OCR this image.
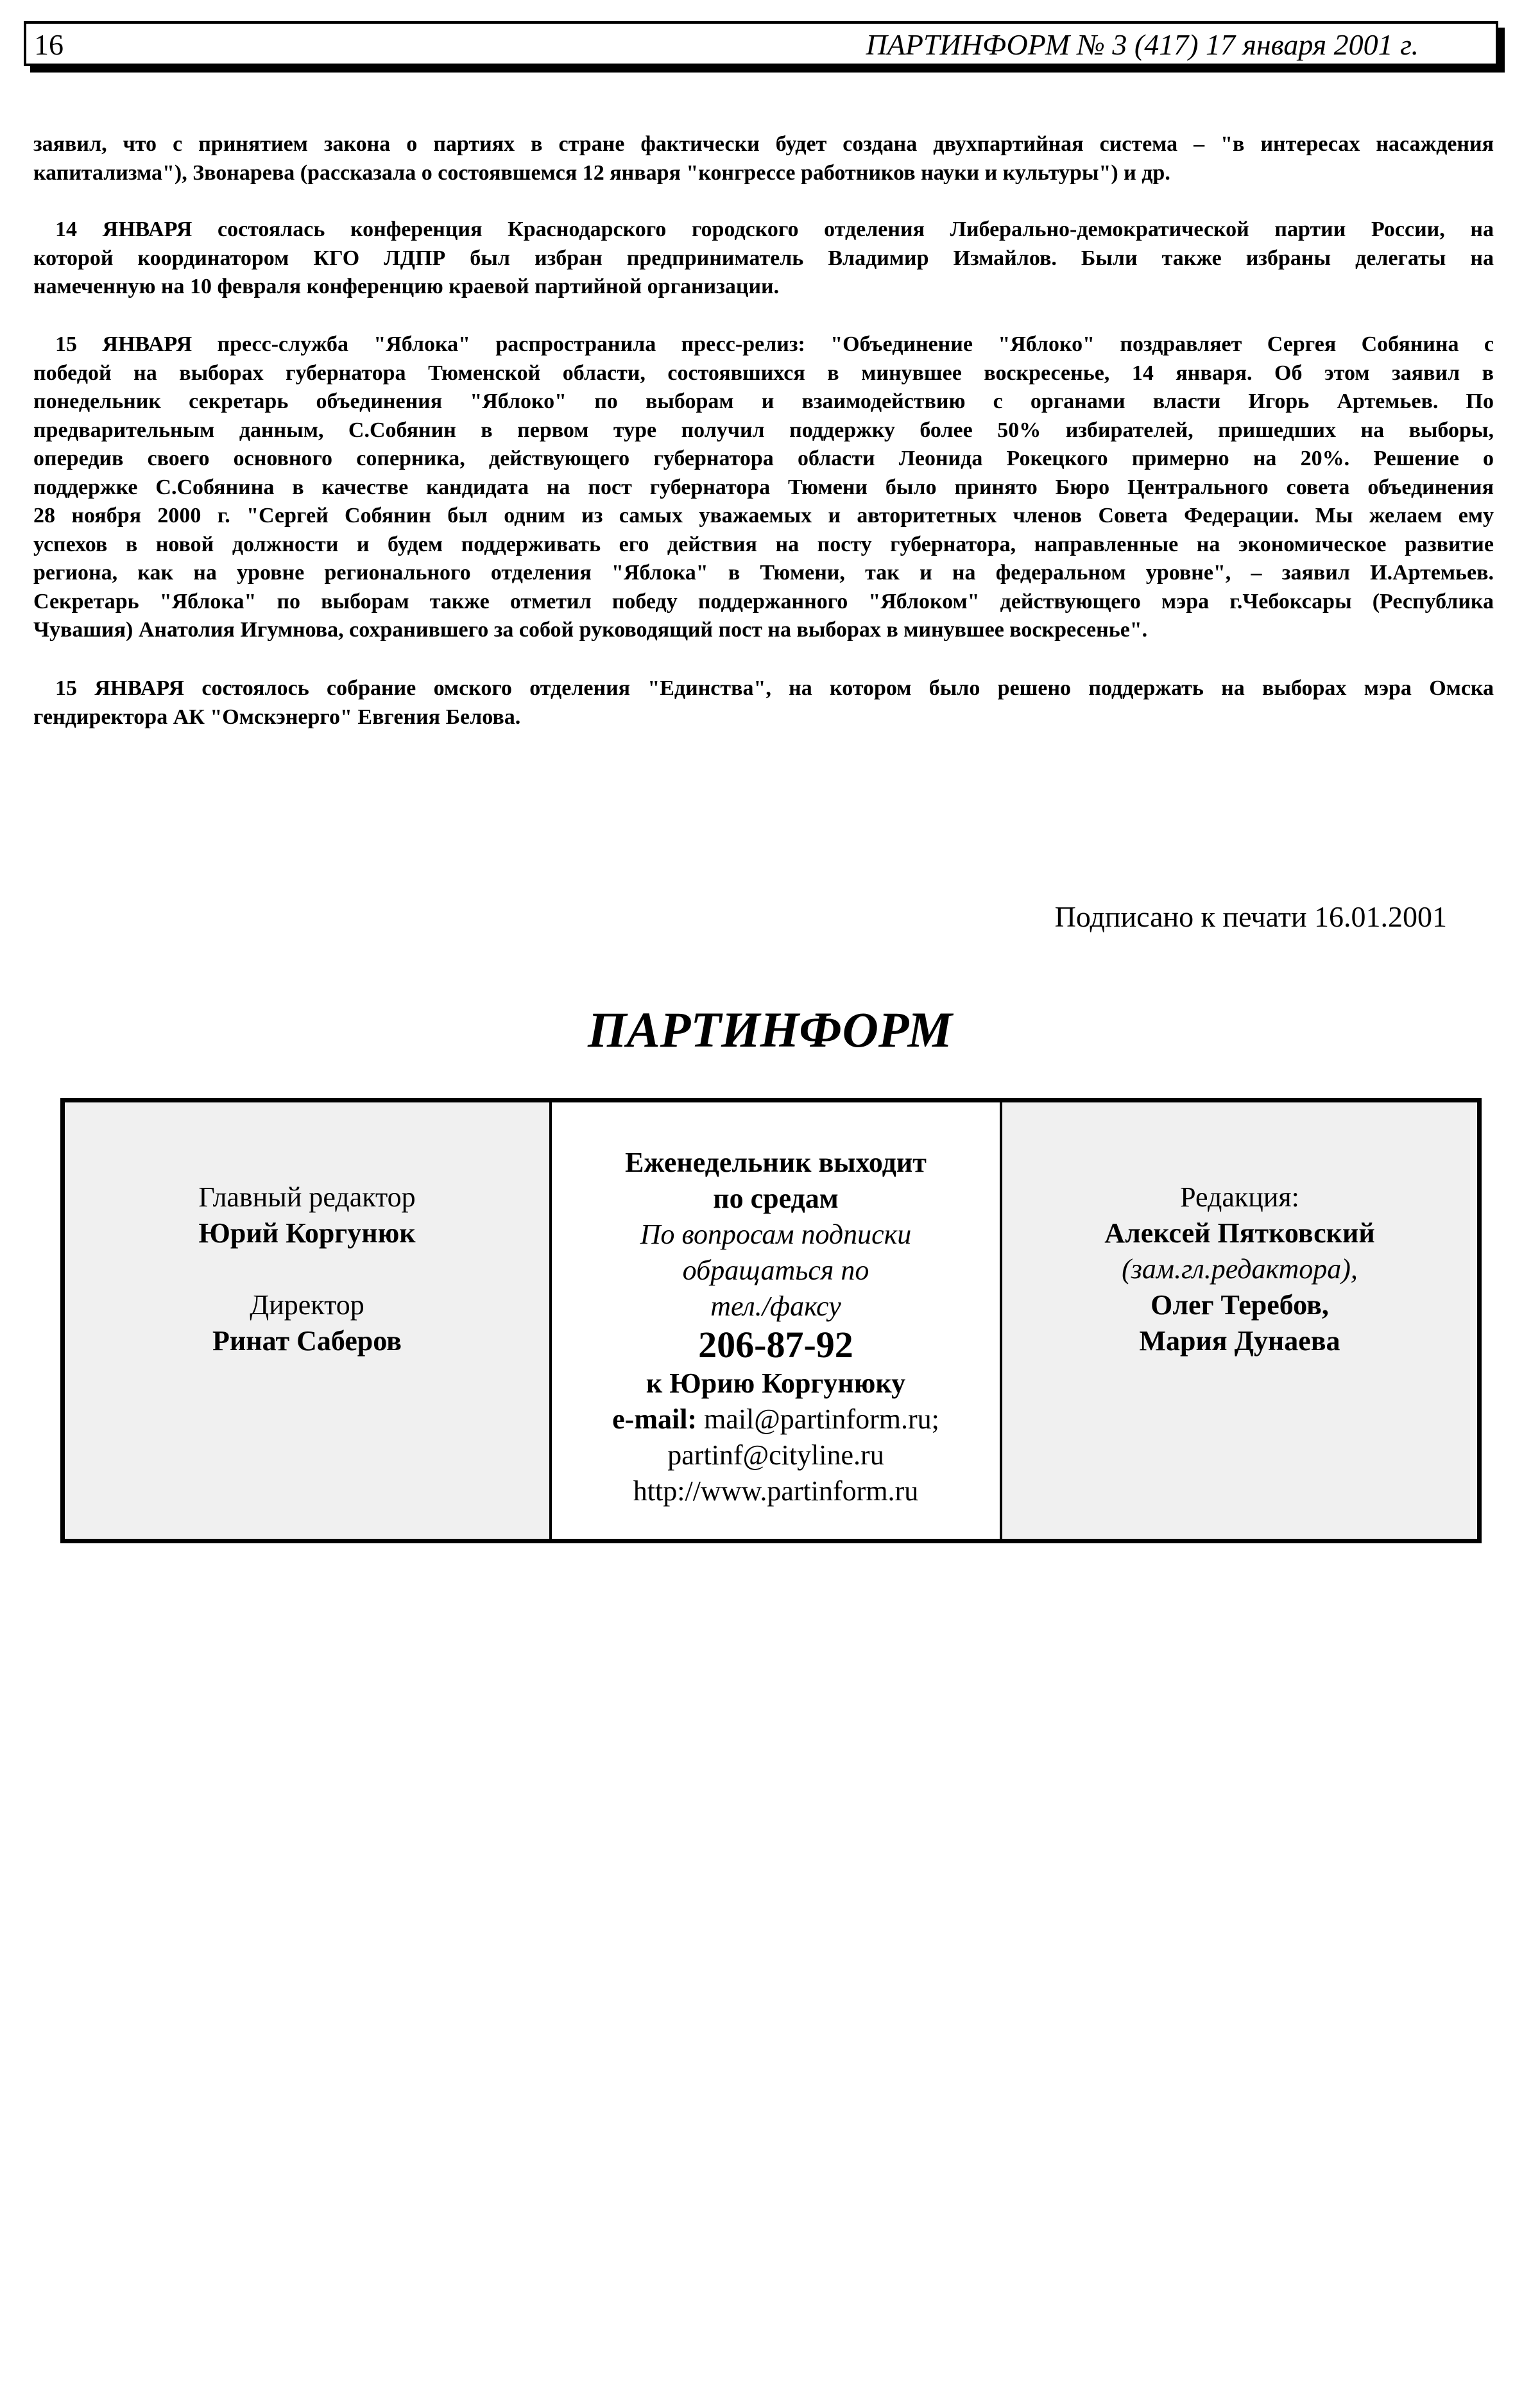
16	ПАРТИНФОРМ № 3 (417) 17 января 2001 г.
заявил, что с принятием закона о партиях в стране фактически будет создана двухпартийная система – "в интересах насаждения
капитализма"), Звонарева (рассказала о состоявшемся 12 января "конгрессе работников науки и культуры") и др.
14 ЯНВАРЯ состоялась конференция Краснодарского городского отделения Либерально-демократической партии России, на
которой координатором КГО ЛДПР был избран предприниматель Владимир Измайлов. Были также избраны делегаты на
намеченную на 10 февраля конференцию краевой партийной организации.
15 ЯНВАРЯ пресс-служба "Яблока" распространила пресс-релиз: "Объединение "Яблоко" поздравляет Сергея Собянина с
победой на выборах губернатора Тюменской области, состоявшихся в минувшее воскресенье, 14 января. Об этом заявил в
понедельник секретарь объединения "Яблоко" по выборам и взаимодействию с органами власти Игорь Артемьев. По
предварительным данным, С.Собянин в первом туре получил поддержку более 50% избирателей, пришедших на выборы,
опередив своего основного соперника, действующего губернатора области Леонида Рокецкого примерно на 20%. Решение о
поддержке С.Собянина в качестве кандидата на пост губернатора Тюмени было принято Бюро Центрального совета объединения
28 ноября 2000 г. "Сергей Собянин был одним из самых уважаемых и авторитетных членов Совета Федерации. Мы желаем ему
успехов в новой должности и будем поддерживать его действия на посту губернатора, направленные на экономическое развитие
региона, как на уровне регионального отделения "Яблока" в Тюмени, так и на федеральном уровне", – заявил И.Артемьев.
Секретарь "Яблока" по выборам также отметил победу поддержанного "Яблоком" действующего мэра г.Чебоксары (Республика
Чувашия) Анатолия Игумнова, сохранившего за собой руководящий пост на выборах в минувшее воскресенье".
15 ЯНВАРЯ состоялось собрание омского отделения "Единства", на котором было решено поддержать на выборах мэра Омска
гендиректора АК "Омскэнерго" Евгения Белова.
Подписано к печати 16.01.2001
ПАРТИНФОРМ
Главный редактор
Юрий Коргунюк
Директор
Ринат Саберов
Еженедельник выходит
по средам
По вопросам подписки
обращаться по
тел./факсу
206-87-92
к Юрию Коргунюку
e-mail: mail@partinform.ru;
partinf@cityline.ru
http://www.partinform.ru
Редакция:
Алексей Пятковский
(зам.гл.редактора),
Олег Теребов,
Мария Дунаева
